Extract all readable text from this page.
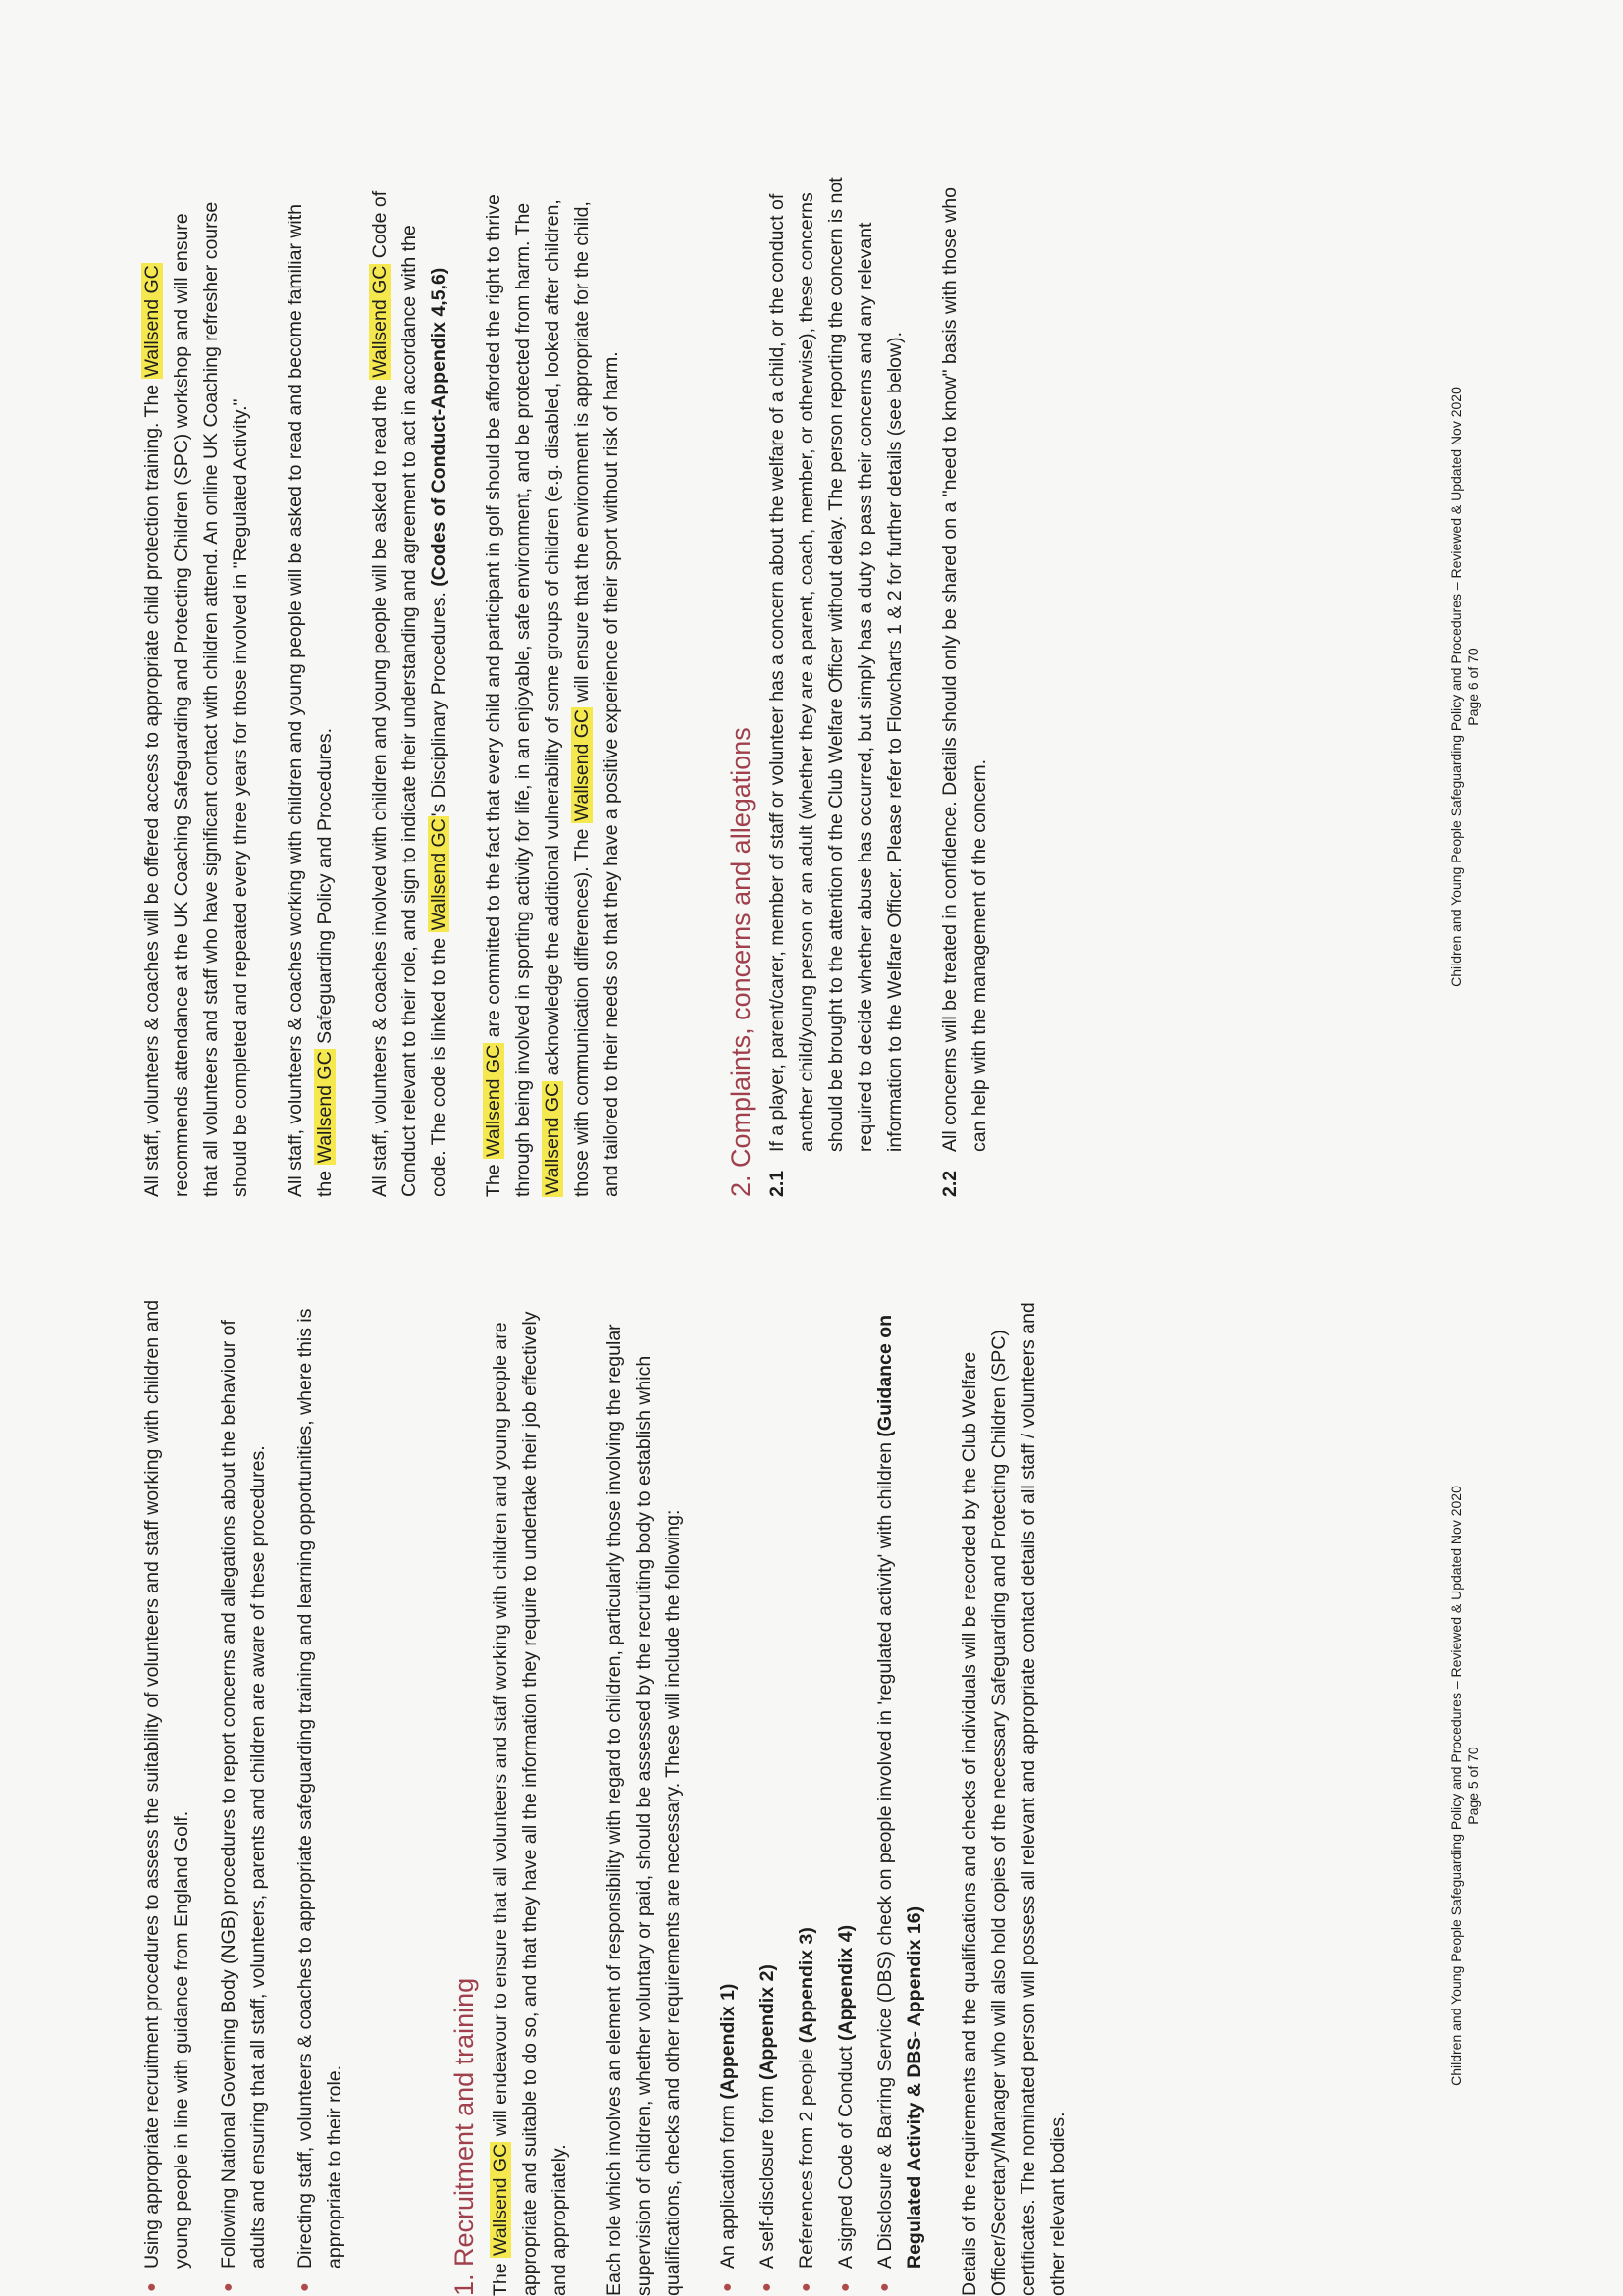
●
Using appropriate recruitment procedures to assess the suitability of volunteers and staff working with children and young people in line with guidance from England Golf.
●
Following National Governing Body (NGB) procedures to report concerns and allegations about the behaviour of adults and ensuring that all staff, volunteers, parents and children are aware of these procedures.
●
Directing staff, volunteers & coaches to appropriate safeguarding training and learning opportunities, where this is appropriate to their role.	1. Recruitment and training The Wallsend GC will endeavour to ensure that all volunteers and staff working with children and young people are appropriate and suitable to do so, and that they have all the information they require to undertake their job effectively and appropriately. Each role which involves an element of responsibility with regard to children, particularly those involving the regular supervision of children, whether voluntary or paid, should be assessed by the recruiting body to establish which qualifications, checks and other requirements are necessary. These will include the following:	●
An application form (Appendix 1)
●
A self-disclosure form (Appendix 2)
●
References from 2 people (Appendix 3)
●
A signed Code of Conduct (Appendix 4)
●
A Disclosure & Barring Service (DBS) check on people involved in 'regulated activity' with children (Guidance on Regulated Activity & DBS- Appendix 16) Details of the requirements and the qualifications and checks of individuals will be recorded by the Club Welfare Officer/Secretary/Manager who will also hold copies of the necessary Safeguarding and Protecting Children (SPC) certificates. The nominated person will possess all relevant and appropriate contact details of all staff / volunteers and other relevant bodies.

Children and Young People Safeguarding Policy and Procedures – Reviewed & Updated Nov 2020 Page 5 of 70

All staff, volunteers & coaches will be offered access to appropriate child protection training. The Wallsend GC recommends attendance at the UK Coaching Safeguarding and Protecting Children (SPC) workshop and will ensure that all volunteers and staff who have significant contact with children attend. An online UK Coaching refresher course should be completed and repeated every three years for those involved in "Regulated Activity." All staff, volunteers & coaches working with children and young people will be asked to read and become familiar with the Wallsend GC Safeguarding Policy and Procedures. All staff, volunteers & coaches involved with children and young people will be asked to read the Wallsend GC Code of Conduct relevant to their role, and sign to indicate their understanding and agreement to act in accordance with the code. The code is linked to the Wallsend GC's Disciplinary Procedures. (Codes of Conduct-Appendix 4,5,6)

The Wallsend GC are committed to the fact that every child and participant in golf should be afforded the right to thrive through being involved in sporting activity for life, in an enjoyable, safe environment, and be protected from harm. The Wallsend GC acknowledge the additional vulnerability of some groups of children (e.g. disabled, looked after children, those with communication differences). The Wallsend GC will ensure that the environment is appropriate for the child, and tailored to their needs so that they have a positive experience of their sport without risk of harm.	2. Complaints, concerns and allegations 2.1
If a player, parent/carer, member of staff or volunteer has a concern about the welfare of a child, or the conduct of another child/young person or an adult (whether they are a parent, coach, member, or otherwise), these concerns should be brought to the attention of the Club Welfare Officer without delay. The person reporting the concern is not required to decide whether abuse has occurred, but simply has a duty to pass their concerns and any relevant information to the Welfare Officer. Please refer to Flowcharts 1 & 2 for further details (see below).
2.2
All concerns will be treated in confidence. Details should only be shared on a "need to know" basis with those who can help with the management of the concern.	Children and Young People Safeguarding Policy and Procedures – Reviewed & Updated Nov 2020 Page 6 of 70
